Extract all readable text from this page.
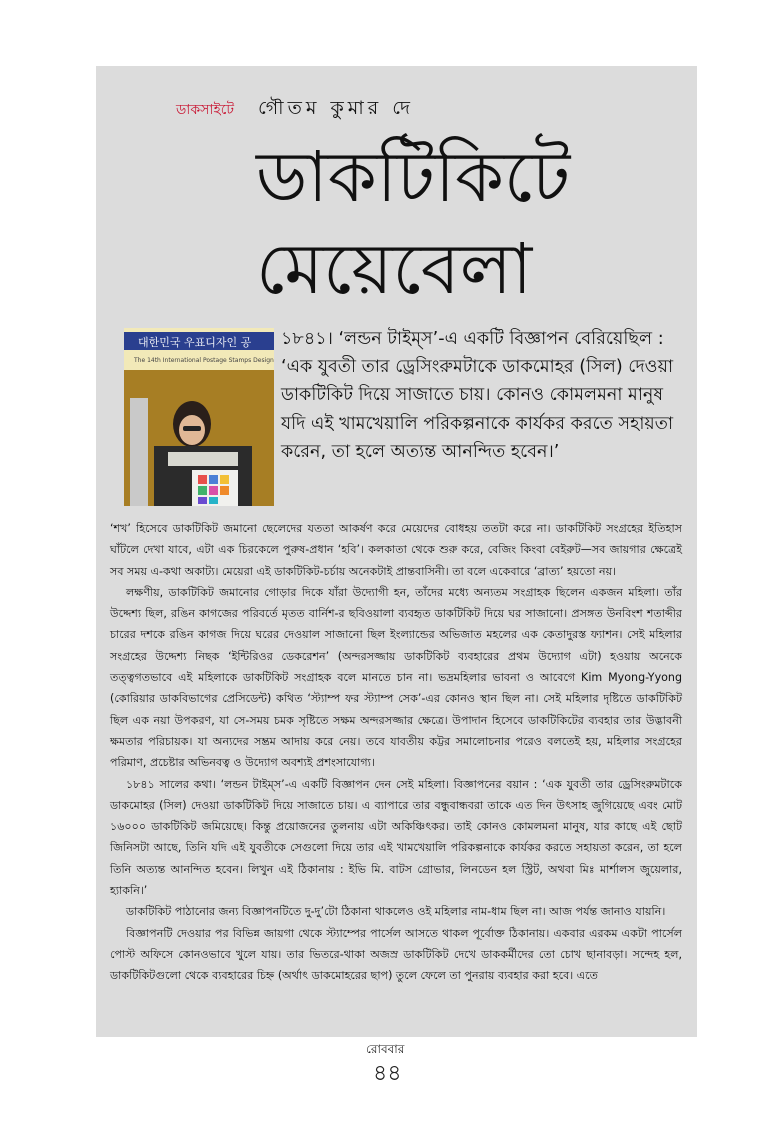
ডাকসাইটে গৌতম কুমার দে
ডাকটিকিটে
মেয়েবেলা
대한민국 우표디자인 공
The 14th International Postage Stamps Design

১৮৪১। ‘লন্ডন টাইম্‌স’-এ একটি বিজ্ঞাপন বেরিয়েছিল : ‘এক যুবতী তার ড্রেসিংরুমটাকে ডাকমোহর (সিল) দেওয়া ডাকটিকিট দিয়ে সাজাতে চায়। কোনও কোমলমনা মানুষ যদি এই খামখেয়ালি পরিকল্পনাকে কার্যকর করতে সহায়তা করেন, তা হলে অত্যন্ত আনন্দিত হবেন।’

‘শখ’ হিসেবে ডাকটিকিট জমানো ছেলেদের যততা আকর্ষণ করে মেয়েদের বোধহয় ততটা করে না। ডাকটিকিট সংগ্রহের ইতিহাস ঘাঁটলে দেখা যাবে, এটা এক চিরকেলে পুরুষ-প্রধান ‘হবি’। কলকাতা থেকে শুরু করে, বেজিং কিংবা বেইরুট—সব জায়গার ক্ষেত্রেই সব সময় এ-কথা অকাট্য। মেয়েরা এই ডাকটিকিট-চর্চায় অনেকটাই প্রান্তবাসিনী। তা বলে একেবারে ‘ব্রাত্য’ হয়তো নয়।

লক্ষণীয়, ডাকটিকিট জমানোর গোড়ার দিকে যাঁরা উদ্যোগী হন, তাঁদের মধ্যে অন্যতম সংগ্রাহক ছিলেন একজন মহিলা। তাঁর উদ্দেশ্য ছিল, রঙিন কাগজের পরিবর্তে মৃতত বার্নিশ-র ছবিওয়ালা ব্যবহৃত ডাকটিকিট দিয়ে ঘর সাজানো। প্রসঙ্গত উনবিংশ শতাব্দীর চারের দশকে রঙিন কাগজ দিয়ে ঘরের দেওয়াল সাজানো ছিল ইংল্যান্ডের অভিজাত মহলের এক কেতাদুরস্ত ফ্যাশন। সেই মহিলার সংগ্রহের উদ্দেশ্য নিছক ‘ইন্টিরিওর ডেকরেশন’ (অন্দরসজ্জায় ডাকটিকিট ব্যবহারের প্রথম উদ্যোগ এটা) হওয়ায় অনেকে তত্ত্বগতভাবে এই মহিলাকে ডাকটিকিট সংগ্রাহক বলে মানতে চান না। ভদ্রমহিলার ভাবনা ও আবেগে Kim Myong-Yyong (কোরিয়ার ডাকবিভাগের প্রেসিডেন্ট) কথিত ‘স্ট্যাম্প ফর স্ট্যাম্প সেক’-এর কোনও স্থান ছিল না। সেই মহিলার দৃষ্টিতে ডাকটিকিট ছিল এক নয়া উপকরণ, যা সে-সময় চমক সৃষ্টিতে সক্ষম অন্দরসজ্জার ক্ষেত্রে। উপাদান হিসেবে ডাকটিকিটের ব্যবহার তার উদ্ভাবনী ক্ষমতার পরিচায়ক। যা অন্যদের সম্ভ্রম আদায় করে নেয়। তবে যাবতীয় কট্টর সমালোচনার পরেও বলতেই হয়, মহিলার সংগ্রহের পরিমাণ, প্রচেষ্টার অভিনবত্ব ও উদ্যোগ অবশ্যই প্রশংসাযোগ্য।

১৮৪১ সালের কথা। ‘লন্ডন টাইম্‌স’-এ একটি বিজ্ঞাপন দেন সেই মহিলা। বিজ্ঞাপনের বয়ান : ‘এক যুবতী তার ড্রেসিংরুমটাকে ডাকমোহর (সিল) দেওয়া ডাকটিকিট দিয়ে সাজাতে চায়। এ ব্যাপারে তার বন্ধুবান্ধবরা তাকে এত দিন উৎসাহ জুগিয়েছে এবং মোট ১৬০০০ ডাকটিকিট জমিয়েছে। কিন্তু প্রয়োজনের তুলনায় এটা অকিঞ্চিৎকর। তাই কোনও কোমলমনা মানুষ, যার কাছে এই ছোট জিনিসটা আছে, তিনি যদি এই যুবতীকে সেগুলো দিয়ে তার এই খামখেয়ালি পরিকল্পনাকে কার্যকর করতে সহায়তা করেন, তা হলে তিনি অত্যন্ত আনন্দিত হবেন। লিখুন এই ঠিকানায় : ইভি মি. বাটস গ্রোভার, লিনডেন হল স্ট্রিট, অথবা মিঃ মার্শালস জুয়েলার, হ্যাকনি।’

ডাকটিকিট পাঠানোর জন্য বিজ্ঞাপনটিতে দু-দু’টো ঠিকানা থাকলেও ওই মহিলার নাম-ধাম ছিল না। আজ পর্যন্ত জানাও যায়নি।

বিজ্ঞাপনটি দেওয়ার পর বিভিন্ন জায়গা থেকে স্ট্যাম্পের পার্সেল আসতে থাকল পূর্বোক্ত ঠিকানায়। একবার এরকম একটা পার্সেল পোস্ট অফিসে কোনওভাবে খুলে যায়। তার ভিতরে-থাকা অজস্র ডাকটিকিট দেখে ডাককর্মীদের তো চোখ ছানাবড়া। সন্দেহ হল, ডাকটিকিটগুলো থেকে ব্যবহারের চিহ্ন (অর্থাৎ ডাকমোহরের ছাপ) তুলে ফেলে তা পুনরায় ব্যবহার করা হবে। এতে

রোববার
৪৪
